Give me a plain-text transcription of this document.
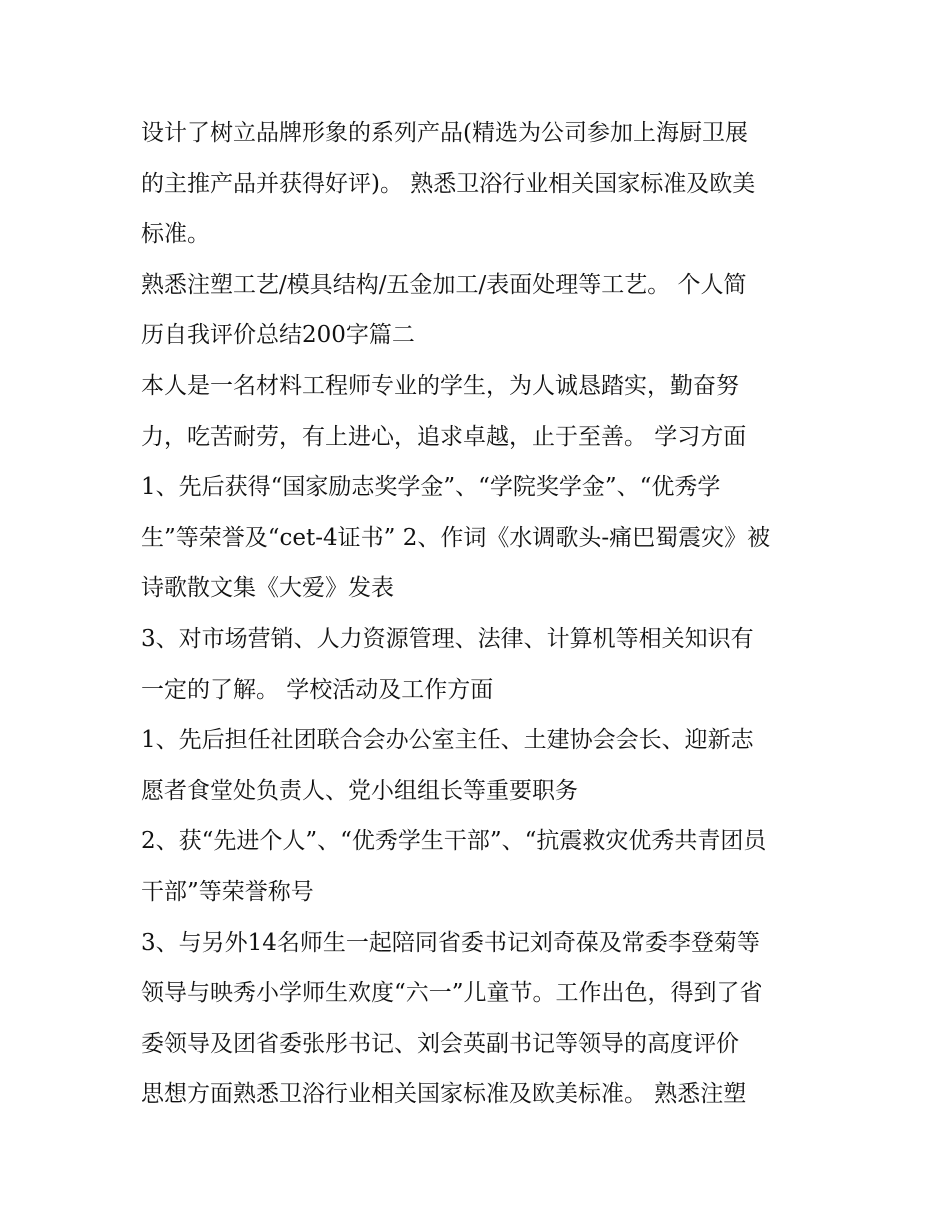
设计了树立品牌形象的系列产品(精选为公司参加上海厨卫展
的主推产品并获得好评)。 熟悉卫浴行业相关国家标准及欧美
标准。
熟悉注塑工艺/模具结构/五金加工/表面处理等工艺。 个人简
历自我评价总结200字篇二
本人是一名材料工程师专业的学生，为人诚恳踏实，勤奋努
力，吃苦耐劳，有上进心，追求卓越，止于至善。 学习方面
1、先后获得“国家励志奖学金”、“学院奖学金”、“优秀学
生”等荣誉及“cet-4证书” 2、作词《水调歌头-痛巴蜀震灾》被
诗歌散文集《大爱》发表
3、对市场营销、人力资源管理、法律、计算机等相关知识有
一定的了解。 学校活动及工作方面
1、先后担任社团联合会办公室主任、土建协会会长、迎新志
愿者食堂处负责人、党小组组长等重要职务
2、获“先进个人”、“优秀学生干部”、“抗震救灾优秀共青团员
干部”等荣誉称号
3、与另外14名师生一起陪同省委书记刘奇葆及常委李登菊等
领导与映秀小学师生欢度“六一”儿童节。工作出色，得到了省
委领导及团省委张彤书记、刘会英副书记等领导的高度评价
思想方面熟悉卫浴行业相关国家标准及欧美标准。 熟悉注塑
